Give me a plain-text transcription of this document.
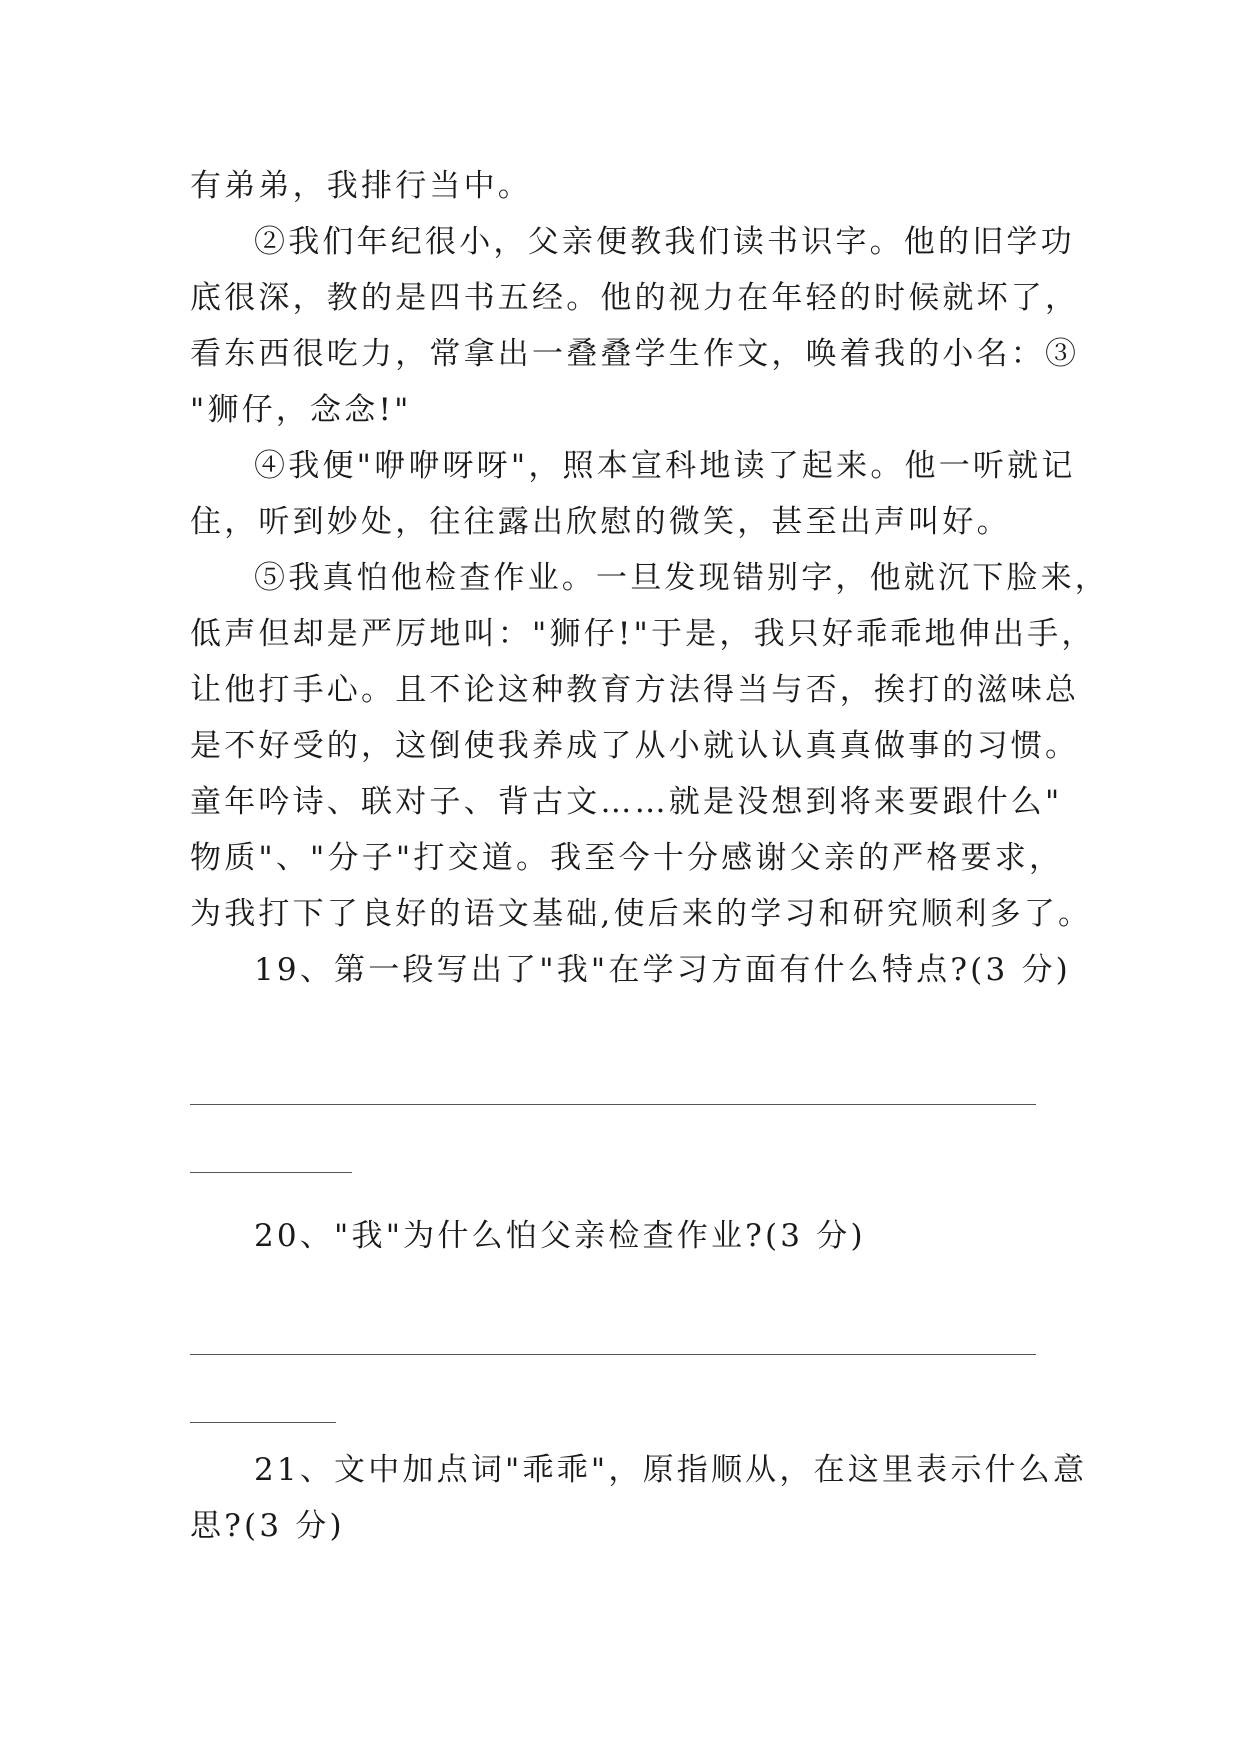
有弟弟，我排行当中。
②我们年纪很小，父亲便教我们读书识字。他的旧学功
底很深，教的是四书五经。他的视力在年轻的时候就坏了，
看东西很吃力，常拿出一叠叠学生作文，唤着我的小名：③
"狮仔，念念!"
④我便"咿咿呀呀"，照本宣科地读了起来。他一听就记
住，听到妙处，往往露出欣慰的微笑，甚至出声叫好。
⑤我真怕他检查作业。一旦发现错别字，他就沉下脸来，
低声但却是严厉地叫："狮仔!"于是，我只好乖乖地伸出手，
让他打手心。且不论这种教育方法得当与否，挨打的滋味总
是不好受的，这倒使我养成了从小就认认真真做事的习惯。
童年吟诗、联对子、背古文……就是没想到将来要跟什么"
物质"、"分子"打交道。我至今十分感谢父亲的严格要求，
为我打下了良好的语文基础,使后来的学习和研究顺利多了。
19、第一段写出了"我"在学习方面有什么特点?(3 分)
20、"我"为什么怕父亲检查作业?(3 分)
21、文中加点词"乖乖"，原指顺从，在这里表示什么意
思?(3 分)
